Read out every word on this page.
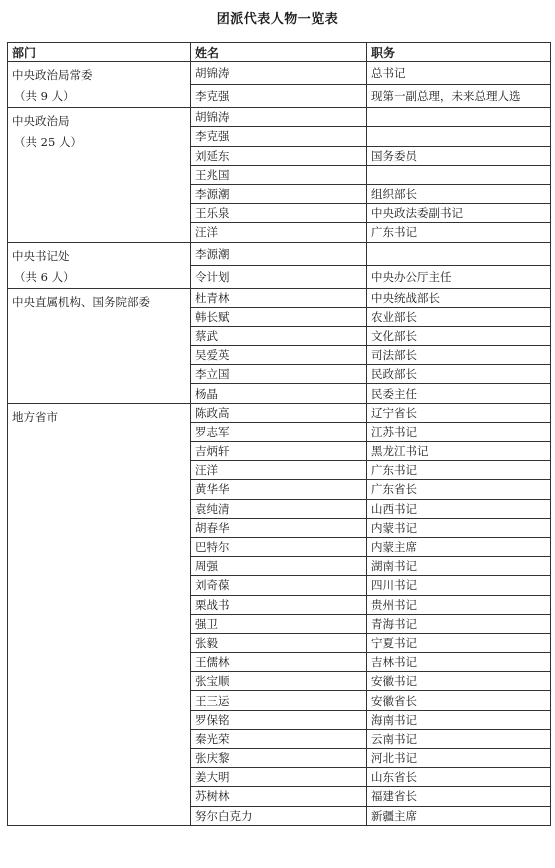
团派代表人物一览表
部门	姓名	职务

中央政治局常委
（共 9 人）	胡锦涛	总书记
	李克强	现第一副总理，未来总理人选

中央政治局
（共 25 人）	胡锦涛	
	李克强	
	刘延东	国务委员
	王兆国	
	李源潮	组织部长
	王乐泉	中央政法委副书记
	汪洋	广东书记

中央书记处
（共 6 人）	李源潮	
	令计划	中央办公厅主任

中央直属机构、国务院部委	杜青林	中央统战部长
	韩长赋	农业部长
	蔡武	文化部长
	吴爱英	司法部长
	李立国	民政部长
	杨晶	民委主任

地方省市	陈政高	辽宁省长
	罗志军	江苏书记
	吉炳轩	黑龙江书记
	汪洋	广东书记
	黄华华	广东省长
	袁纯清	山西书记
	胡春华	内蒙书记
	巴特尔	内蒙主席
	周强	湖南书记
	刘奇葆	四川书记
	栗战书	贵州书记
	强卫	青海书记
	张毅	宁夏书记
	王儒林	吉林书记
	张宝顺	安徽书记
	王三运	安徽省长
	罗保铭	海南书记
	秦光荣	云南书记
	张庆黎	河北书记
	姜大明	山东省长
	苏树林	福建省长
	努尔白克力	新疆主席
